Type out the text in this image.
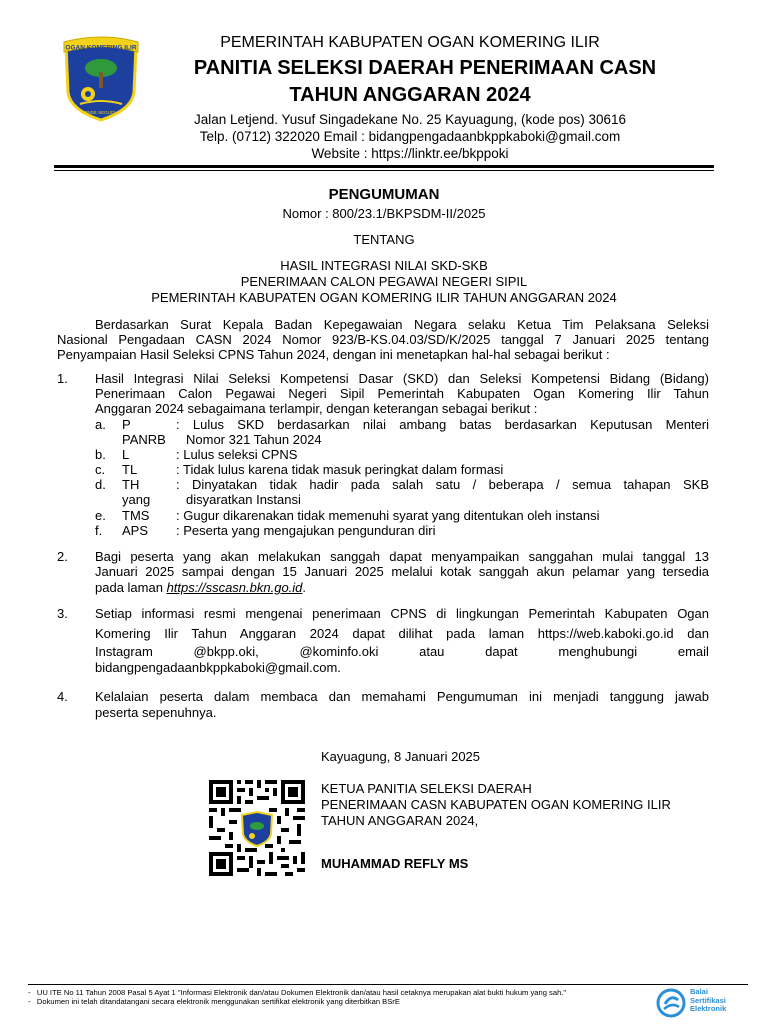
OGAN KOMERING ILIR
BENDE SEGUGUK
PEMERINTAH KABUPATEN OGAN KOMERING ILIR
PANITIA SELEKSI DAERAH PENERIMAAN CASN
TAHUN ANGGARAN 2024
Jalan Letjend. Yusuf Singadekane No. 25 Kayuagung, (kode pos) 30616
Telp. (0712) 322020 Email : bidangpengadaanbkppkaboki@gmail.com
Website : https://linktr.ee/bkppoki
PENGUMUMAN
Nomor : 800/23.1/BKPSDM-II/2025
TENTANG
HASIL INTEGRASI NILAI SKD-SKB
PENERIMAAN CALON PEGAWAI NEGERI SIPIL
PEMERINTAH KABUPATEN OGAN KOMERING ILIR TAHUN ANGGARAN 2024
Berdasarkan Surat Kepala Badan Kepegawaian Negara selaku Ketua Tim Pelaksana Seleksi
Nasional Pengadaan CASN 2024 Nomor 923/B-KS.04.03/SD/K/2025 tanggal 7 Januari 2025 tentang
Penyampaian Hasil Seleksi CPNS Tahun 2024, dengan ini menetapkan hal-hal sebagai berikut :
1. Hasil Integrasi Nilai Seleksi Kompetensi Dasar (SKD) dan Seleksi Kompetensi Bidang (Bidang)
Penerimaan Calon Pegawai Negeri Sipil Pemerintah Kabupaten Ogan Komering Ilir Tahun
Anggaran 2024 sebagaimana terlampir, dengan keterangan sebagai berikut :
a.	P	: Lulus SKD berdasarkan nilai ambang batas berdasarkan Keputusan Menteri
PANRB	Nomor 321 Tahun 2024
b.	L	: Lulus seleksi CPNS
c.	TL	: Tidak lulus karena tidak masuk peringkat dalam formasi
d.	TH	: Dinyatakan tidak hadir pada salah satu / beberapa / semua tahapan SKB
yang	disyaratkan Instansi
e.	TMS	: Gugur dikarenakan tidak memenuhi syarat yang ditentukan oleh instansi
f.	APS	: Peserta yang mengajukan pengunduran diri
2. Bagi peserta yang akan melakukan sanggah dapat menyampaikan sanggahan mulai tanggal 13
Januari 2025 sampai dengan 15 Januari 2025 melalui kotak sanggah akun pelamar yang tersedia
pada laman https://sscasn.bkn.go.id.
3. Setiap informasi resmi mengenai penerimaan CPNS di lingkungan Pemerintah Kabupaten Ogan
Komering Ilir Tahun Anggaran 2024 dapat dilihat pada laman https://web.kaboki.go.id dan
Instagram	@bkpp.oki,	@kominfo.oki	atau	dapat	menghubungi	email
bidangpengadaanbkppkaboki@gmail.com.
4. Kelalaian peserta dalam membaca dan memahami Pengumuman ini menjadi tanggung jawab
peserta sepenuhnya.
Kayuagung, 8 Januari 2025
KETUA PANITIA SELEKSI DAERAH
PENERIMAAN CASN KABUPATEN OGAN KOMERING ILIR
TAHUN ANGGARAN 2024,
MUHAMMAD REFLY MS
-   UU ITE No 11 Tahun 2008 Pasal 5 Ayat 1 "Informasi Elektronik dan/atau Dokumen Elektronik dan/atau hasil cetaknya merupakan alat bukti hukum yang sah."
-   Dokumen ini telah ditandatangani secara elektronik menggunakan sertifikat elektronik yang diterbitkan BSrE
Balai
Sertifikasi
Elektronik
